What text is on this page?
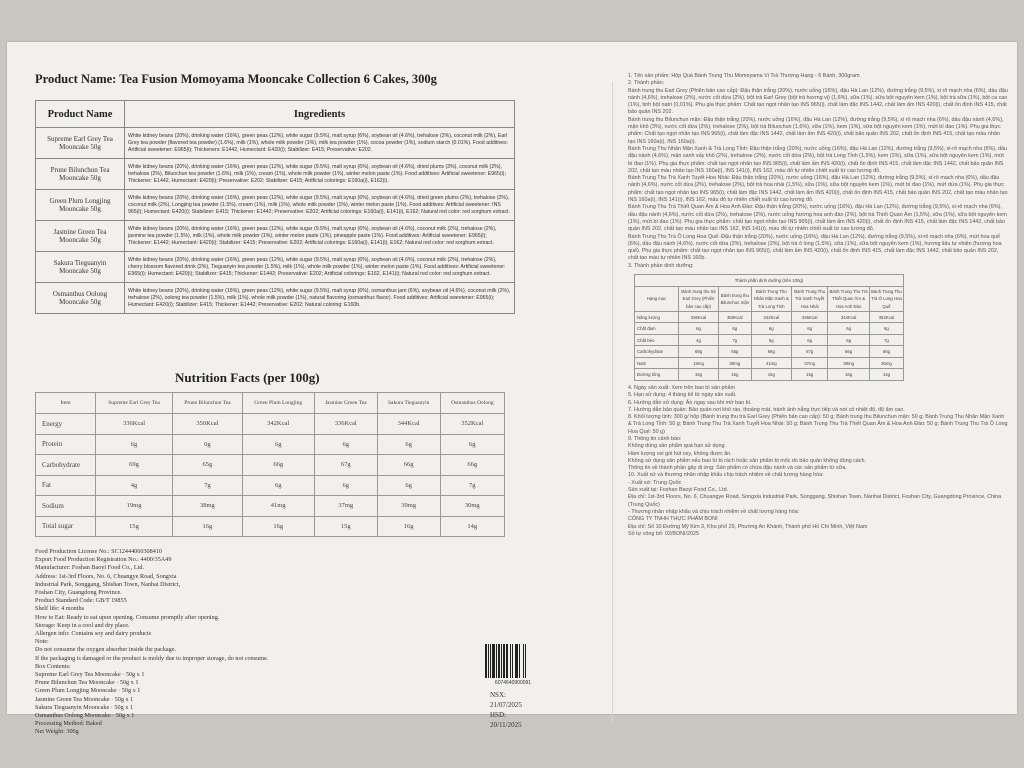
Product Name: Tea Fusion Momoyama Mooncake Collection 6 Cakes, 300g
Product Name	Ingredients
Supreme Earl Grey Tea Mooncake 50g	White kidney beans (20%), drinking water (16%), green peas (12%), white sugar (9.5%), malt syrup (6%), soybean oil (4.6%), trehalose (2%), coconut milk (2%), Earl Grey tea powder (flavored tea powder) (1.6%), milk (1%), whole milk powder (1%), milk tea powder (1%), cocoa powder (1%), sodium starch (0.01%). Food additives: Artificial sweetener: E965(i); Thickeners: E1442, Humectant: E420(i); Stabilizer: E415; Preservative: E202.
Prune Bilunchun Tea Mooncake 50g	White kidney beans (20%), drinking water (16%), green peas (12%), white sugar (9.5%), malt syrup (6%), soybean oil (4.6%), dried plums (3%), coconut milk (2%), trehalose (2%), Biluochun tea powder (1.6%), milk (1%), cream (1%), whole milk powder (1%), winter melon paste (1%). Food additives: Artificial sweetener: E965(i); Thickener: E1442, Humectant: E420(i); Preservative: E202; Stabilizer: E415; Artificial colorings: E160a(i), E162(i).
Green Plum Longjing Mooncake 50g	White kidney beans (20%), drinking water (16%), green peas (12%), white sugar (9.5%), malt syrup (6%), soybean oil (4.6%), dried green plums (2%), trehalose (2%), coconut milk (2%), Longjing tea powder (1.5%), cream (1%), milk (1%), whole milk powder (1%), winter melon paste (1%). Food additives: Artificial sweetener: INS 965(i); Humectant: E420(i); Stabilizer: E415; Thickener: E1442; Preservative: E202; Artificial colorings: E160a(i), E141(i), E162; Natural red color: red sorghum extract.
Jasmine Green Tea Mooncake 50g	White kidney beans (20%), drinking water (16%), green peas (12%), white sugar (9.5%), malt syrup (6%), soybean oil (4.6%), coconut milk (2%), trehalose (2%), jasmine tea powder (1.5%), milk (1%), whole milk powder (1%), winter melon paste (1%), pineapple paste (1%). Food additives: Artificial sweetener: E965(i); Thickener: E1442; Humectant: E420(i); Stabilizer: E415; Preservative: E202; Artificial colorings: E160a(i), E141(i), E162; Natural red color: red sorghum extract.
Sakura Tieguanyin Mooncake 50g	White kidney beans (20%), drinking water (16%), green peas (12%), white sugar (9.5%), malt syrup (6%), soybean oil (4.6%), coconut milk (2%), trehalose (2%), cherry blossom flavored drink (2%), Tieguanyin tea powder (1.5%), milk (1%), whole milk powder (1%), winter melon paste (1%). Food additives: Artificial sweetener: E965(i); Humectant: E420(i); Stabilizer: E415; Thickener: E1442; Preservative: E202; Artificial colorings: E162, E141(i); Natural red color: red sorghum extract.
Osmanthus Oolong Mooncake 50g	White kidney beans (20%), drinking water (16%), green peas (12%), white sugar (9.5%), malt syrup (6%), osmanthus jam (6%), soybean oil (4.6%), coconut milk (2%), trehalose (2%), oolong tea powder (1.5%), milk (1%), whole milk powder (1%), natural flavoring (osmanthus flavor). Food additives: Artificial sweetener: E965(i); Humectant: E420(i); Stabilizer: E415; Thickener: E1442; Preservative: E202; Natural coloring: E160b.
Nutrition Facts (per 100g)
Item	Supreme Earl Grey Tea	Prune Bilunchun Tea	Green Plum Longjing	Jasmine Green Tea	Sakura Tieguanyin	Osmanthus Oolong
Energy	336Kcal	350Kcal	342Kcal	336Kcal	344Kcal	352Kcal
Protein	6g	6g	6g	6g	6g	6g
Carbohydrate	69g	65g	66g	67g	66g	66g
Fat	4g	7g	6g	6g	6g	7g
Sodium	19mg	38mg	41mg	37mg	39mg	30mg
Total sugar	15g	16g	16g	15g	16g	14g
Food Production License No.: SC12444060308410
Export Food Production Registration No.: 4400/35A49
Manufacturer: Foshan Baoyi Food Co., Ltd.
Address: 1st-3rd Floors, No. 6, Chuangye Road, Songxia
Industrial Park, Songgang, Shishan Town, Nanhai District,
Foshan City, Guangdong Province.
Product Standard Code: GB/T 19855
Shelf life: 4 months
How to Eat: Ready to eat upon opening. Consume promptly after opening.
Storage: Keep in a cool and dry place.
Allergen info: Contains soy and dairy products
Note:
Do not consume the oxygen absorber inside the package.
If the packaging is damaged or the product is moldy due to improper storage, do not consume.
Box Contents:
Supreme Earl Grey Tea Mooncake · 50g x 1
Prune Bilunchun Tea Mooncake · 50g x 1
Green Plum Longjing Mooncake · 50g x 1
Jasmine Green Tea Mooncake · 50g x 1
Sakura Tieguanyin Mooncake · 50g x 1
Osmanthus Oolong Mooncake · 50g x 1
Processing Method: Baked
Net Weight: 300g
6074640900091
NSX: 21/07/2025
HSD: 20/11/2025

1. Tên sản phẩm: Hộp Quà Bánh Trung Thu Momoyama Vị Trà Thượng Hạng - 6 Bánh, 300gram

2. Thành phần:

Bánh trung thu Earl Grey (Phiên bản cao cấp): Đậu thận trắng (20%), nước uống (16%), đậu Hà Lan (12%), đường trắng (9,5%), xi rô mạch nha (6%), dầu đậu nành (4,6%), trehalose (2%), nước cốt dừa (2%), bột trà Earl Grey (bột trà hương vị) (1,6%), sữa (1%), sữa bột nguyên kem (1%), bột trà sữa (1%), bột ca cao (1%), tinh bột natri (0,01%). Phụ gia thực phẩm: Chất tạo ngọt nhân tạo INS 965(i), chất làm đặc INS 1442, chất làm ẩm INS 420(i), chất ổn định INS 415, chất bảo quản INS 202.

Bánh trung thu Bilunchun mận: Đậu thận trắng (20%), nước uống (16%), đậu Hà Lan (12%), đường trắng (9,5%), xi rô mạch nha (6%), dầu đậu nành (4,6%), mận khô (3%), nước cốt dừa (2%), trehalose (2%), bột trà Biluochun (1,6%), sữa (1%), kem (1%), sữa bột nguyên kem (1%), mứt bí đao (1%). Phụ gia thực phẩm: Chất tạo ngọt nhân tạo INS 965(i), chất làm đặc INS 1442, chất làm ẩm INS 420(i), chất bảo quản INS 202, chất ổn định INS 415, chất tạo màu nhân tạo INS 160a(i), INS 160a(i).

Bánh Trung Thu Nhân Mận Xanh & Trà Long Tỉnh: Đậu thận trắng (20%), nước uống (16%), đậu Hà Lan (12%), đường trắng (9,5%), xi-rô mạch nha (6%), dầu đậu nành (4,6%), mận xanh sấy khô (2%), trehalose (2%), nước cốt dừa (2%), bột trà Long Tỉnh (1,5%), kem (1%), sữa (1%), sữa bột nguyên kem (1%), mứt bí đao (1%). Phụ gia thực phẩm: chất tạo ngọt nhân tạo INS 965(i), chất làm ẩm INS 420(i), chất ổn định INS 415, chất làm đặc INS 1442, chất bảo quản INS 202, chất tạo màu nhân tạo INS 160a(i), INS 141(i), INS 162, màu đỏ tự nhiên chiết xuất từ cao lương đỏ.

Bánh Trung Thu Trà Xanh Tuyết Hoa Nhài: Đậu thận trắng (20%), nước uống (16%), đậu Hà Lan (12%), đường trắng (9,5%), xi-rô mạch nha (6%), dầu đậu nành (4,6%), nước cốt dừa (2%), trehalose (2%), bột trà hoa nhài (1,5%), sữa (1%), sữa bột nguyên kem (1%), mứt bí đao (1%), mứt dứa (1%). Phụ gia thực phẩm: chất tạo ngọt nhân tạo INS 965(i), chất làm đặc INS 1442, chất làm ẩm INS 420(i), chất ổn định INS 415, chất bảo quản INS 202, chất tạo màu nhân tạo INS 160a(i), INS 141(i), INS 162, màu đỏ tự nhiên chiết xuất từ cao lương đỏ.

Bánh Trung Thu Trà Thiết Quan Âm & Hoa Anh Đào: Đậu thận trắng (20%), nước uống (16%), đậu Hà Lan (12%), đường trắng (9,5%), xi-rô mạch nha (6%), dầu đậu nành (4,6%), nước cốt dừa (2%), trehalose (2%), nước uống hương hoa anh đào (2%), bột trà Thiết Quan Âm (1,5%), sữa (1%), sữa bột nguyên kem (1%), mứt bí đao (1%). Phụ gia thực phẩm: chất tạo ngọt nhân tạo INS 965(i), chất làm ẩm INS 420(i), chất ổn định INS 415, chất làm đặc INS 1442, chất bảo quản INS 202, chất tạo màu nhân tạo INS 162, INS 141(i), màu đỏ tự nhiên chiết xuất từ cao lương đỏ.

Bánh Trung Thu Trà Ô Long Hoa Quế: Đậu thận trắng (20%), nước uống (16%), đậu Hà Lan (12%), đường trắng (9,5%), xi-rô mạch nha (6%), mứt hoa quế (6%), dầu đậu nành (4,6%), nước cốt dừa (2%), trehalose (2%), bột trà ô long (1,5%), sữa (1%), sữa bột nguyên kem (1%), hương liệu tự nhiên (hương hoa quế). Phụ gia thực phẩm: chất tạo ngọt nhân tạo INS 965(i), chất làm ẩm INS 420(i), chất ổn định INS 415, chất làm đặc INS 1442, chất bảo quản INS 202, chất tạo màu tự nhiên INS 160b.

3. Thành phần dinh dưỡng:

Thành phần dinh dưỡng (trên 100g)						
Hạng mục	Bánh trung thu trà Earl Grey (Phiên bản cao cấp)	Bánh trung thu Bilunchun mận	Bánh Trung Thu Nhân Mận Xanh & Trà Long Tỉnh	Bánh Trung Thu Trà Xanh Tuyết Hoa Nhài	Bánh Trung Thu Trà Thiết Quan Âm & Hoa Anh Đào	Bánh Trung Thu Trà Ô Long Hoa Quế
Năng lượng	336Kcal	350Kcal	342Kcal	336Kcal	344Kcal	352Kcal
Chất đạm	6g	6g	6g	6g	6g	6g
Chất béo	4g	7g	6g	6g	6g	7g
Carbohydrate	69g	65g	66g	67g	66g	66g
Natri	19mg	38mg	41mg	37mg	39mg	30mg
Đường tổng	15g	16g	16g	15g	16g	14g

4. Ngày sản xuất: Xem trên bao bì sản phẩm

5. Hạn sử dụng: 4 tháng kể từ ngày sản xuất.

6. Hướng dẫn sử dụng: Ăn ngay sau khi mở bao bì.

7. Hướng dẫn bảo quản: Bảo quản nơi khô ráo, thoáng mát, tránh ánh nắng trực tiếp và nơi có nhiệt độ, độ ẩm cao.

8. Khối lượng tịnh: 300 g/ hộp (Bánh trung thu trà Earl Grey (Phiên bản cao cấp): 50 g; Bánh trung thu Bilunchun mận: 50 g; Bánh Trung Thu Nhân Mận Xanh & Trà Long Tỉnh: 50 g; Bánh Trung Thu Trà Xanh Tuyết Hoa Nhài: 50 g; Bánh Trung Thu Trà Thiết Quan Âm & Hoa Anh Đào: 50 g; Bánh Trung Thu Trà Ô Long Hoa Quế: 50 g)

9. Thông tin cảnh báo:

Không dùng sản phẩm quá hạn sử dụng.

Hàm lượng oxi gói hút oxy, không được ăn.

Không sử dụng sản phẩm nếu bao bì bị rách hoặc sản phẩm bị mốc do bảo quản không đúng cách.

Thông tin về thành phần gây dị ứng: Sản phẩm có chứa đậu nành và các sản phẩm từ sữa.

10. Xuất xứ và thương nhân nhập khẩu chịu trách nhiệm về chất lượng hàng hóa:

- Xuất xứ: Trung Quốc

Sản xuất tại: Foshan Baoyi Food Co., Ltd.

Địa chỉ: 1st-3rd Floors, No. 6, Chuangye Road, Songxia Industrial Park, Songgang, Shishan Town, Nanhai District, Foshan City, Guangdong Province, China (Trung Quốc)

- Thương nhân nhập khẩu và chịu trách nhiệm về chất lượng hàng hóa:

CÔNG TY TNHH THỰC PHẨM BONI

Địa chỉ: Số 10 Đường Mỹ Kim 3, Khu phố 29, Phường An Khánh, Thành phố Hồ Chí Minh, Việt Nam

Số tự công bố: 02/BONI/2025
